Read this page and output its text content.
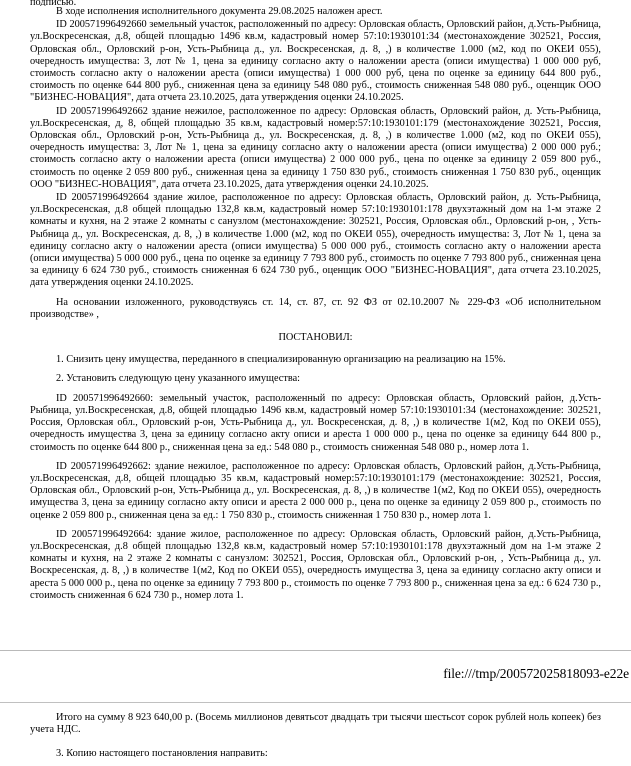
подписью.

В ходе исполнения исполнительного документа 29.08.2025 наложен арест.

ID 200571996492660 земельный участок, расположенный по адресу: Орловская область, Орловский район, д.Усть-Рыбница, ул.Воскресенская, д.8, общей площадью 1496 кв.м, кадастровый номер 57:10:1930101:34 (местонахождение 302521, Россия, Орловская обл., Орловский р-он, Усть-Рыбница д., ул. Воскресенская, д. 8, ,) в количестве 1.000 (м2, код по ОКЕИ 055), очередность имущества: 3, лот № 1, цена за единицу согласно акту о наложении ареста (описи имущества) 1 000 000 руб, стоимость согласно акту о наложении ареста (описи имущества) 1 000 000 руб, цена по оценке за единицу 644 800 руб., стоимость по оценке 644 800 руб., сниженная цена за единицу 548 080 руб., стоимость сниженная 548 080 руб., оценщик ООО "БИЗНЕС-НОВАЦИЯ", дата отчета 23.10.2025, дата утверждения оценки 24.10.2025.

ID 200571996492662 здание нежилое, расположенное по адресу: Орловская область, Орловский район, д. Усть-Рыбница, ул.Воскресенская, д, 8, общей площадью 35 кв.м, кадастровый номер:57:10:1930101:179 (местонахождение 302521, Россия, Орловская обл., Орловский р-он, Усть-Рыбница д., ул. Воскресенская, д. 8, ,) в количестве 1.000 (м2, код по ОКЕИ 055), очередность имущества: 3, Лот № 1, цена за единицу согласно акту о наложении ареста (описи имущества) 2 000 000 руб.; стоимость согласно акту о наложении ареста (описи имущества) 2 000 000 руб., цена по оценке за единицу 2 059 800 руб., стоимость по оценке 2 059 800 руб., сниженная цена за единицу 1 750 830 руб., стоимость сниженная 1 750 830 руб., оценщик ООО "БИЗНЕС-НОВАЦИЯ", дата отчета 23.10.2025, дата утверждения оценки 24.10.2025.

ID 200571996492664 здание жилое, расположенное по адресу: Орловская область, Орловский район, д. Усть-Рыбница, ул.Воскресенская, д.8 общей площадью 132,8 кв.м, кадастровый номер 57:10:1930101:178 двухэтажный дом на 1-м этаже 2 комнаты и кухня, на 2 этаже 2 комнаты с санузлом (местонахождение: 302521, Россия, Орловская обл., Орловский р-он, , Усть-Рыбница д., ул. Воскресенская, д. 8, ,) в количестве 1.000 (м2, код по ОКЕИ 055), очередность имущества: 3, Лот № 1, цена за единицу согласно акту о наложении ареста (описи имущества) 5 000 000 руб., стоимость согласно акту о наложении ареста (описи имущества) 5 000 000 руб., цена по оценке за единицу 7 793 800 руб., стоимость по оценке 7 793 800 руб., сниженная цена за единицу 6 624 730 руб., стоимость сниженная 6 624 730 руб., оценщик ООО "БИЗНЕС-НОВАЦИЯ", дата отчета 23.10.2025, дата утверждения оценки 24.10.2025.

На основании изложенного, руководствуясь ст. 14, ст. 87, ст. 92 ФЗ от 02.10.2007 № 229-ФЗ «Об исполнительном производстве» ,

ПОСТАНОВИЛ:

1. Снизить цену имущества, переданного в специализированную организацию на реализацию на 15%.

2. Установить следующую цену указанного имущества:

ID 200571996492660: земельный участок, расположенный по адресу: Орловская область, Орловский район, д.Усть-Рыбница, ул.Воскресенская, д.8, общей площадью 1496 кв.м, кадастровый номер 57:10:1930101:34 (местонахождение: 302521, Россия, Орловская обл., Орловский р-он, Усть-Рыбница д., ул. Воскресенская, д. 8, ,) в количестве 1(м2, Код по ОКЕИ 055), очередность имущества 3, цена за единицу согласно акту описи и ареста 1 000 000 р., цена по оценке за единицу 644 800 р., стоимость по оценке 644 800 р., сниженная цена за ед.: 548 080 р., стоимость сниженная 548 080 р., номер лота 1.

ID 200571996492662: здание нежилое, расположенное по адресу: Орловская область, Орловский район, д.Усть-Рыбница, ул.Воскресенская, д.8, общей площадью 35 кв.м, кадастровый номер:57:10:1930101:179 (местонахождение: 302521, Россия, Орловская обл., Орловский р-он, Усть-Рыбница д., ул. Воскресенская, д. 8, ,) в количестве 1(м2, Код по ОКЕИ 055), очередность имущества 3, цена за единицу согласно акту описи и ареста 2 000 000 р., цена по оценке за единицу 2 059 800 р., стоимость по оценке 2 059 800 р., сниженная цена за ед.: 1 750 830 р., стоимость сниженная 1 750 830 р., номер лота 1.

ID 200571996492664: здание жилое, расположенное по адресу: Орловская область, Орловский район, д.Усть-Рыбница, ул.Воскресенская, д.8 общей площадью 132,8 кв.м, кадастровый номер 57:10:1930101:178 двухэтажный дом на 1-м этаже 2 комнаты и кухня, на 2 этаже 2 комнаты с санузлом: 302521, Россия, Орловская обл., Орловский р-он, , Усть-Рыбница д., ул. Воскресенская, д. 8, ,) в количестве 1(м2, Код по ОКЕИ 055), очередность имущества 3, цена за единицу согласно акту описи и ареста 5 000 000 р., цена по оценке за единицу 7 793 800 р., стоимость по оценке 7 793 800 р., сниженная цена за ед.: 6 624 730 р., стоимость сниженная 6 624 730 р., номер лота 1.

file:///tmp/200572025818093-e22e

Итого на сумму 8 923 640,00 р. (Восемь миллионов девятьсот двадцать три тысячи шестьсот сорок рублей ноль копеек) без учета НДС.

3. Копию настоящего постановления направить:
